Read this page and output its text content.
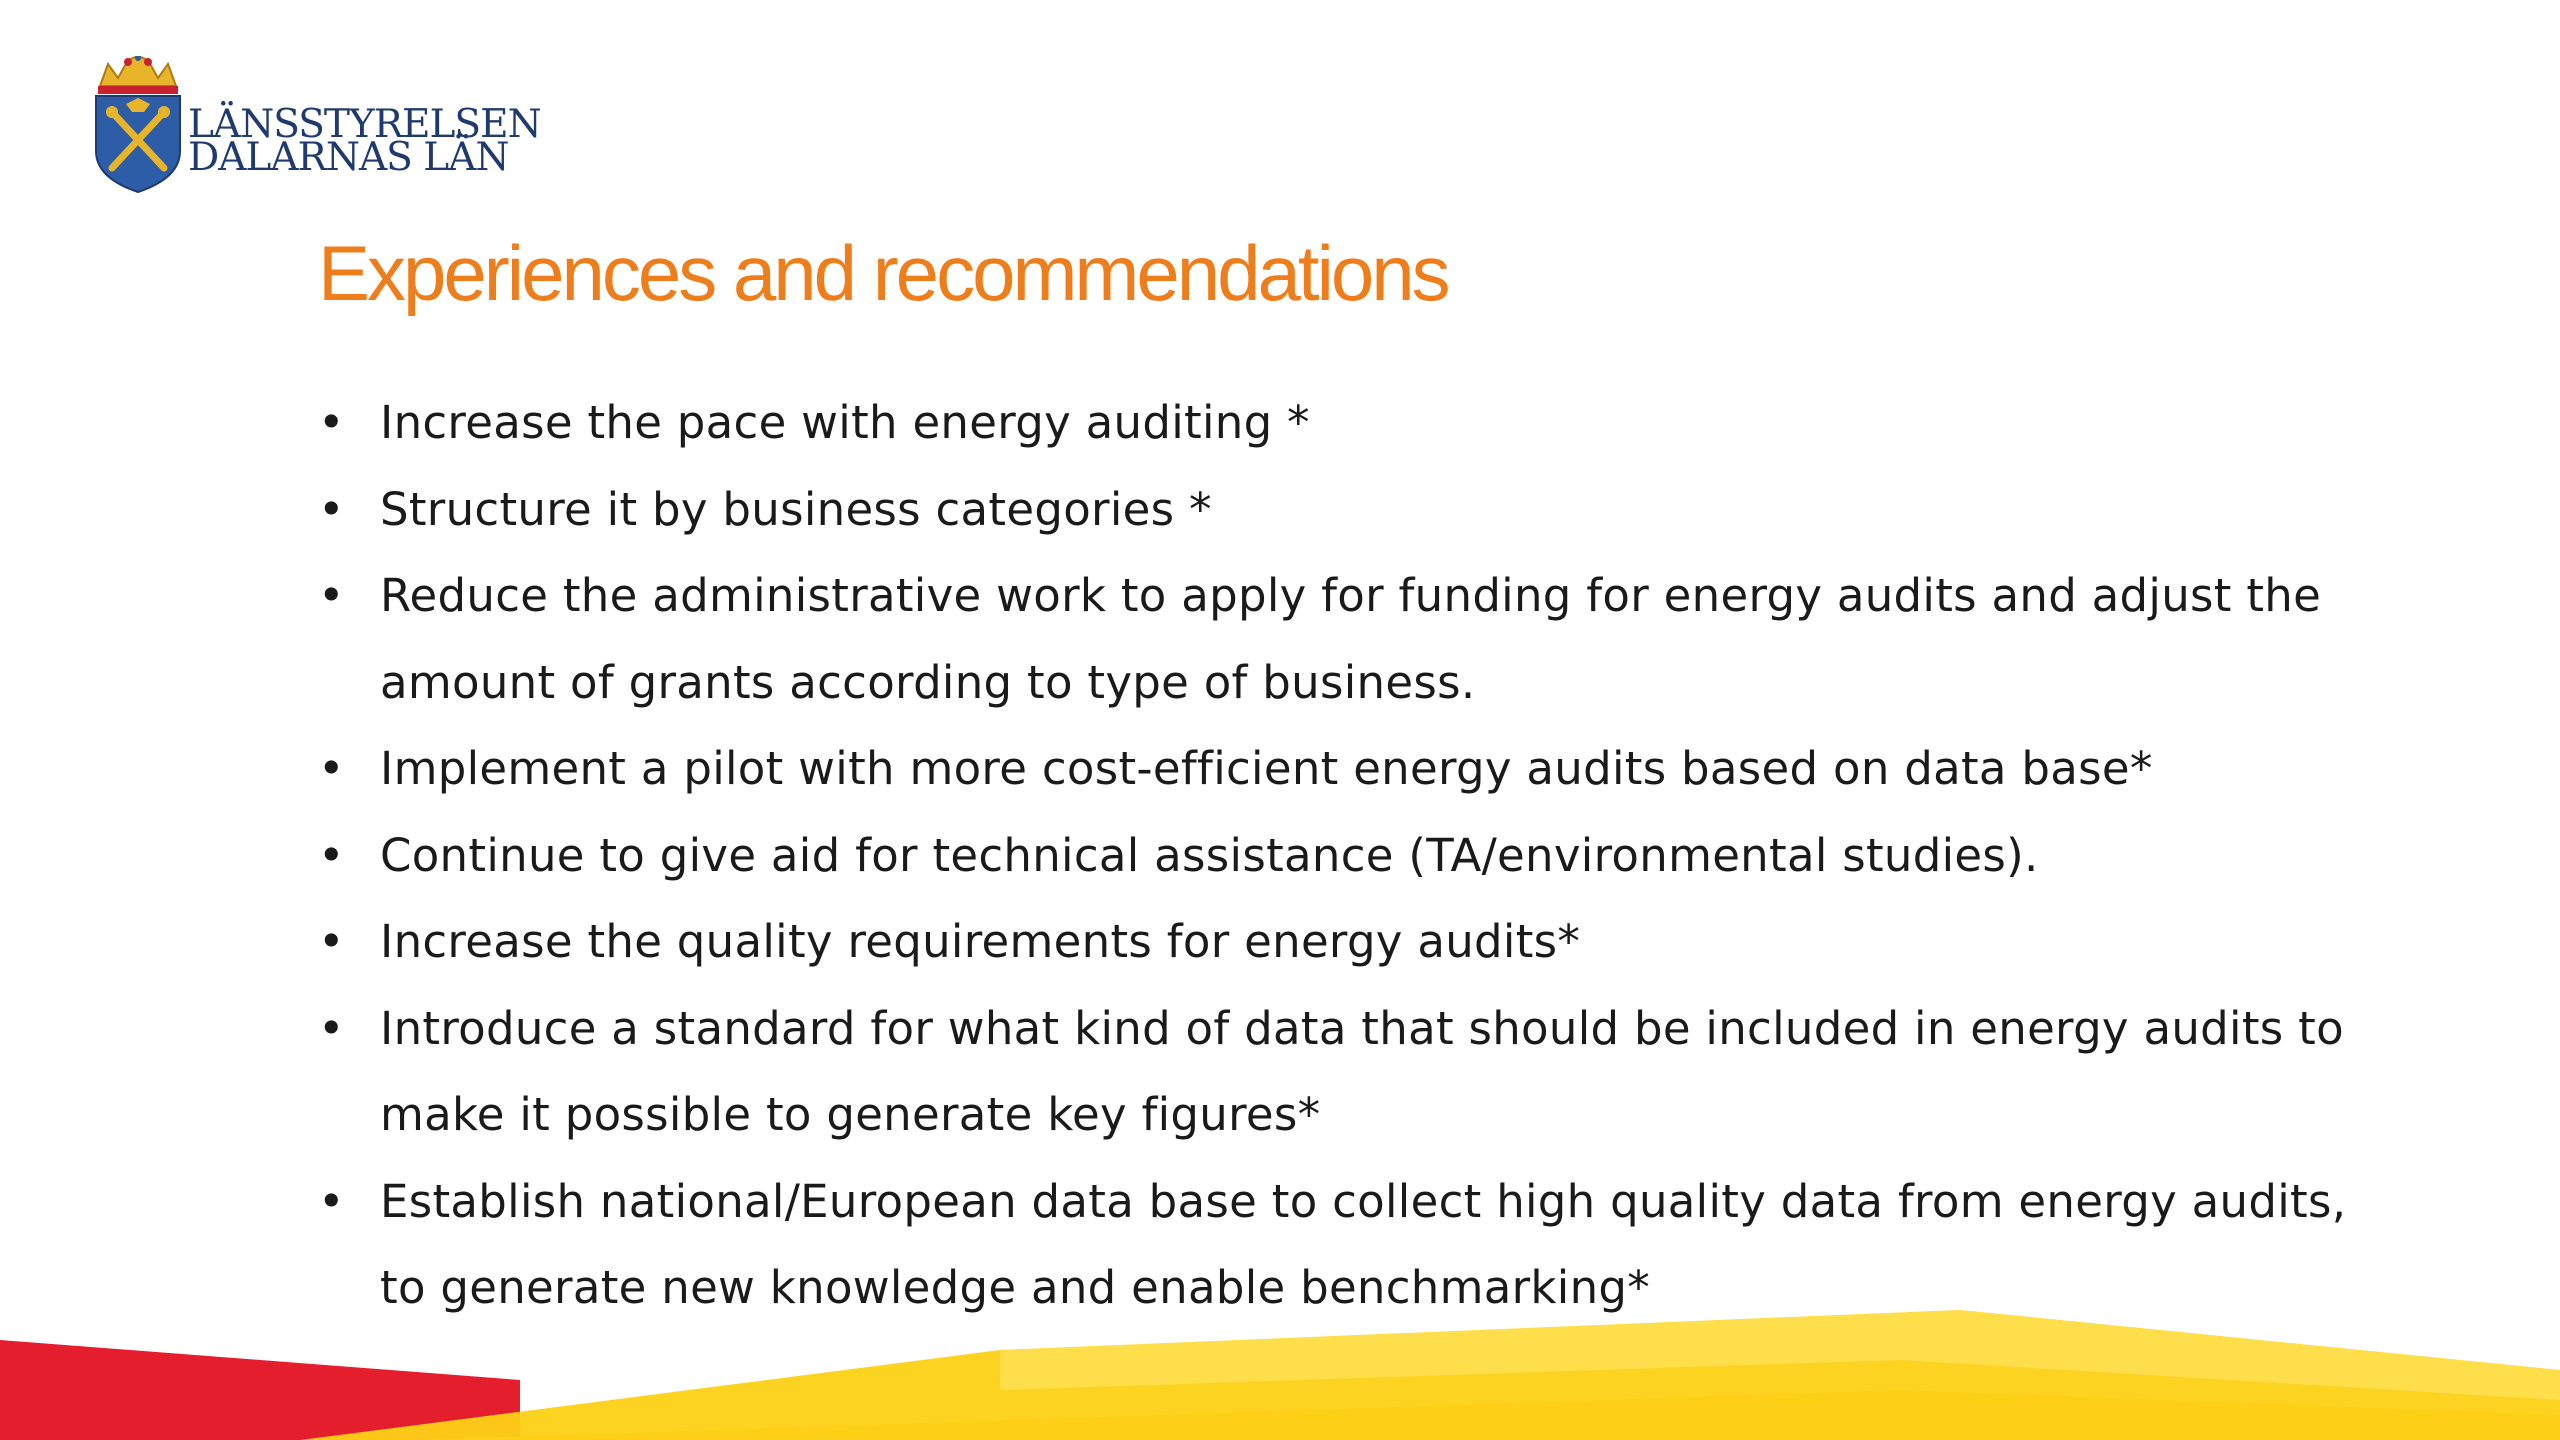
LÄNSSTYRELSEN
DALARNAS LÄN
Experiences and recommendations
• Increase the pace with energy auditing *
• Structure it by business categories *
• Reduce the administrative work to apply for funding for energy audits and adjust the amount of grants according to type of business.
• Implement a pilot with more cost-efficient energy audits based on data base*
• Continue to give aid for technical assistance (TA/environmental studies).
• Increase the quality requirements for energy audits*
• Introduce a standard for what kind of data that should be included in energy audits to make it possible to generate key figures*
• Establish national/European data base to collect high quality data from energy audits, to generate new knowledge and enable benchmarking*
